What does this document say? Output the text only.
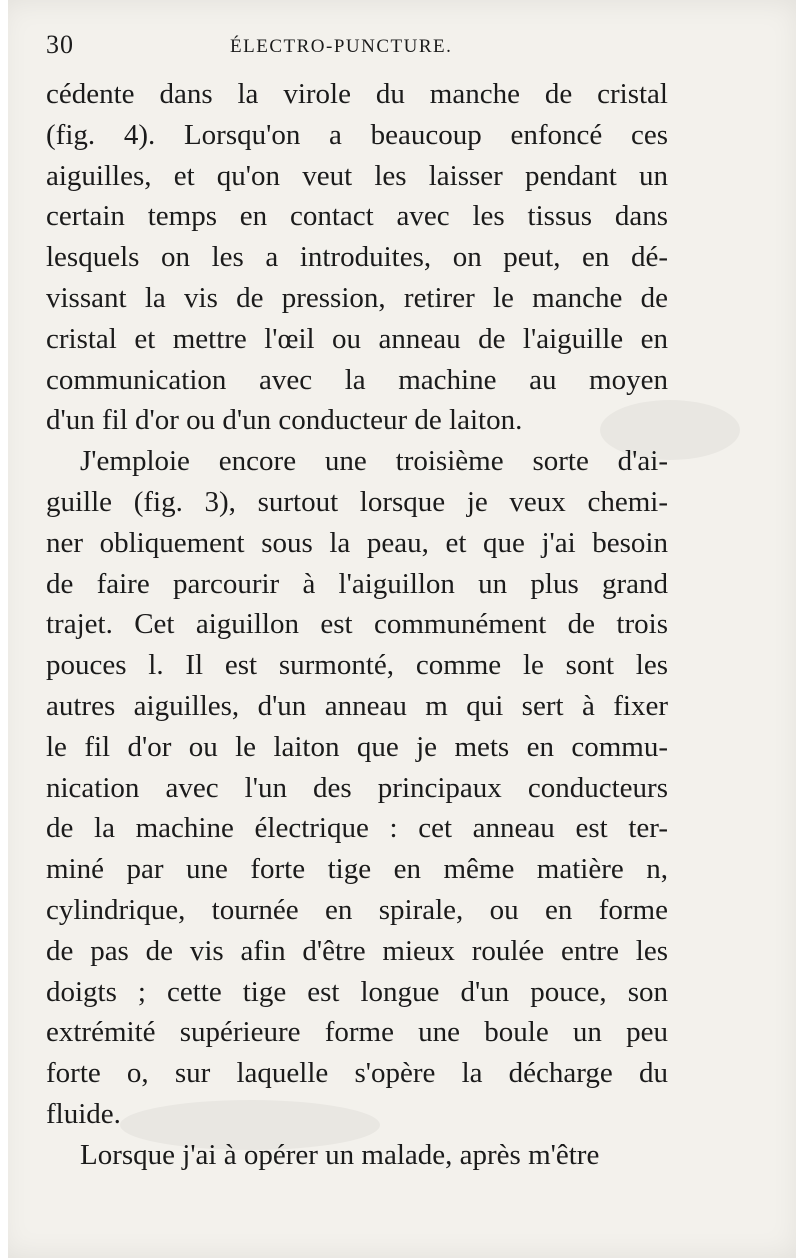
30	ÉLECTRO-PUNCTURE.
cédente dans la virole du manche de cristal
(fig. 4). Lorsqu'on a beaucoup enfoncé ces
aiguilles, et qu'on veut les laisser pendant un
certain temps en contact avec les tissus dans
lesquels on les a introduites, on peut, en dé-
vissant la vis de pression, retirer le manche de
cristal et mettre l'œil ou anneau de l'aiguille en
communication avec la machine au moyen
d'un fil d'or ou d'un conducteur de laiton.
J'emploie encore une troisième sorte d'ai-
guille (fig. 3), surtout lorsque je veux chemi-
ner obliquement sous la peau, et que j'ai besoin
de faire parcourir à l'aiguillon un plus grand
trajet. Cet aiguillon est communément de trois
pouces l. Il est surmonté, comme le sont les
autres aiguilles, d'un anneau m qui sert à fixer
le fil d'or ou le laiton que je mets en commu-
nication avec l'un des principaux conducteurs
de la machine électrique : cet anneau est ter-
miné par une forte tige en même matière n,
cylindrique, tournée en spirale, ou en forme
de pas de vis afin d'être mieux roulée entre les
doigts ; cette tige est longue d'un pouce, son
extrémité supérieure forme une boule un peu
forte o, sur laquelle s'opère la décharge du
fluide.
Lorsque j'ai à opérer un malade, après m'être
